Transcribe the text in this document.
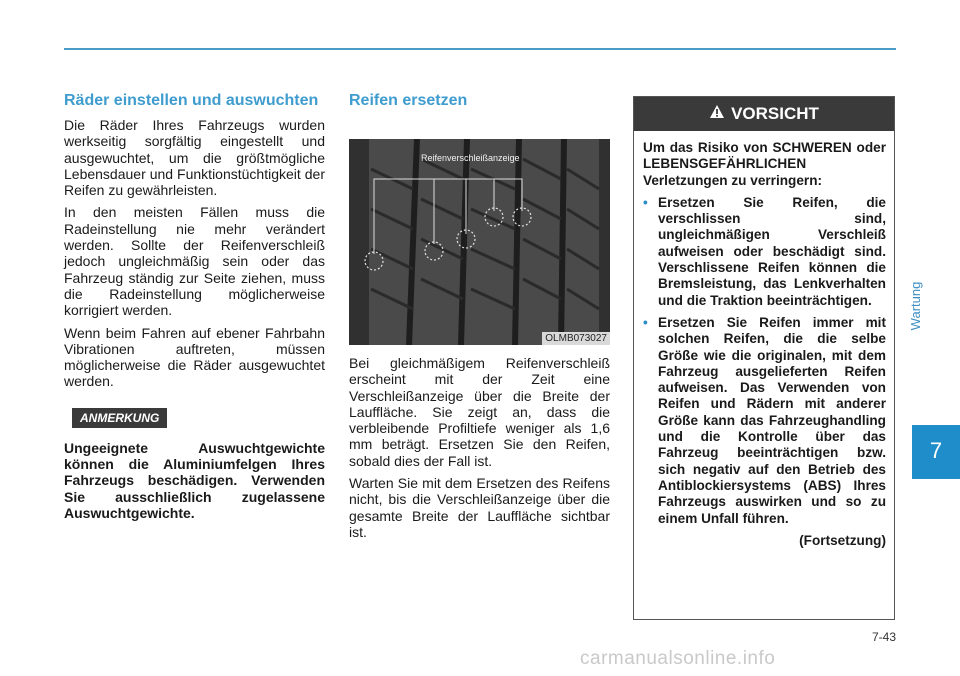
Wartung
7
Räder einstellen und auswuchten

Die Räder Ihres Fahrzeugs wurden werkseitig sorgfältig eingestellt und ausgewuchtet, um die größtmögliche Lebensdauer und Funktionstüchtigkeit der Reifen zu gewährleisten.

In den meisten Fällen muss die Radeinstellung nie mehr verändert werden. Sollte der Reifenverschleiß jedoch ungleichmäßig sein oder das Fahrzeug ständig zur Seite ziehen, muss die Radeinstellung möglicherweise korrigiert werden.

Wenn beim Fahren auf ebener Fahrbahn Vibrationen auftreten, müssen möglicherweise die Räder ausgewuchtet werden.

ANMERKUNG

Ungeeignete Auswuchtgewichte können die Aluminiumfelgen Ihres Fahrzeugs beschädigen. Verwenden Sie ausschließlich zugelassene Auswuchtgewichte.

Reifen ersetzen
Reifenverschleißanzeige
OLMB073027

Bei gleichmäßigem Reifenverschleiß erscheint mit der Zeit eine Verschleißanzeige über die Breite der Lauffläche. Sie zeigt an, dass die verbleibende Profiltiefe weniger als 1,6 mm beträgt. Ersetzen Sie den Reifen, sobald dies der Fall ist.

Warten Sie mit dem Ersetzen des Reifens nicht, bis die Verschleißanzeige über die gesamte Breite der Lauffläche sichtbar ist.

VORSICHT

Um das Risiko von SCHWEREN oder LEBENSGEFÄHRLICHEN Verletzungen zu verringern:

• Ersetzen Sie Reifen, die verschlissen sind, ungleichmäßigen Verschleiß aufweisen oder beschädigt sind. Verschlissene Reifen können die Bremsleistung, das Lenkverhalten und die Traktion beeinträchtigen.

• Ersetzen Sie Reifen immer mit solchen Reifen, die die selbe Größe wie die originalen, mit dem Fahrzeug ausgelieferten Reifen aufweisen. Das Verwenden von Reifen und Rädern mit anderer Größe kann das Fahrzeughandling und die Kontrolle über das Fahrzeug beeinträchtigen bzw. sich negativ auf den Betrieb des Antiblockiersystems (ABS) Ihres Fahrzeugs auswirken und so zu einem Unfall führen.

(Fortsetzung)

7-43
carmanualsonline.info
